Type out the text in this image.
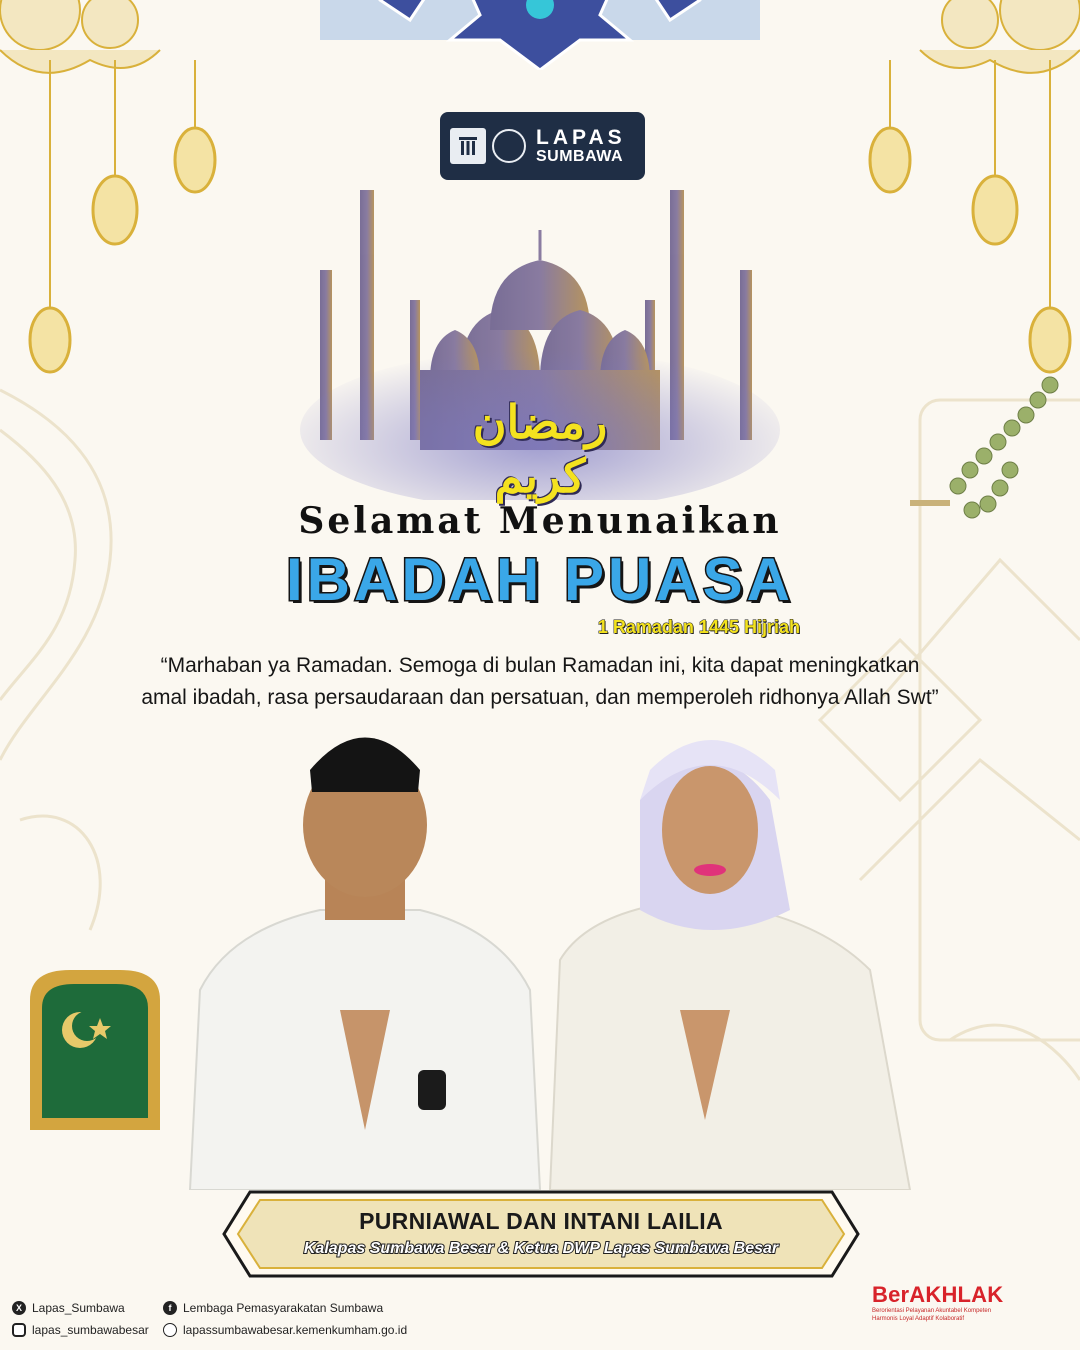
LAPAS
SUMBAWA
رمضان كريم
Selamat Menunaikan
IBADAH PUASA
1 Ramadan 1445 Hijriah
“Marhaban ya Ramadan. Semoga di bulan Ramadan ini, kita dapat meningkatkan
amal ibadah, rasa persaudaraan dan persatuan, dan memperoleh ridhonya Allah Swt”
PURNIAWAL DAN INTANI LAILIA
Kalapas Sumbawa Besar & Ketua DWP Lapas Sumbawa Besar
X Lapas_Sumbawa
lapas_sumbawabesar
f Lembaga Pemasyarakatan Sumbawa
lapassumbawabesar.kemenkumham.go.id
BerAKHLAK
Berorientasi Pelayanan Akuntabel Kompeten
Harmonis Loyal Adaptif Kolaboratif
